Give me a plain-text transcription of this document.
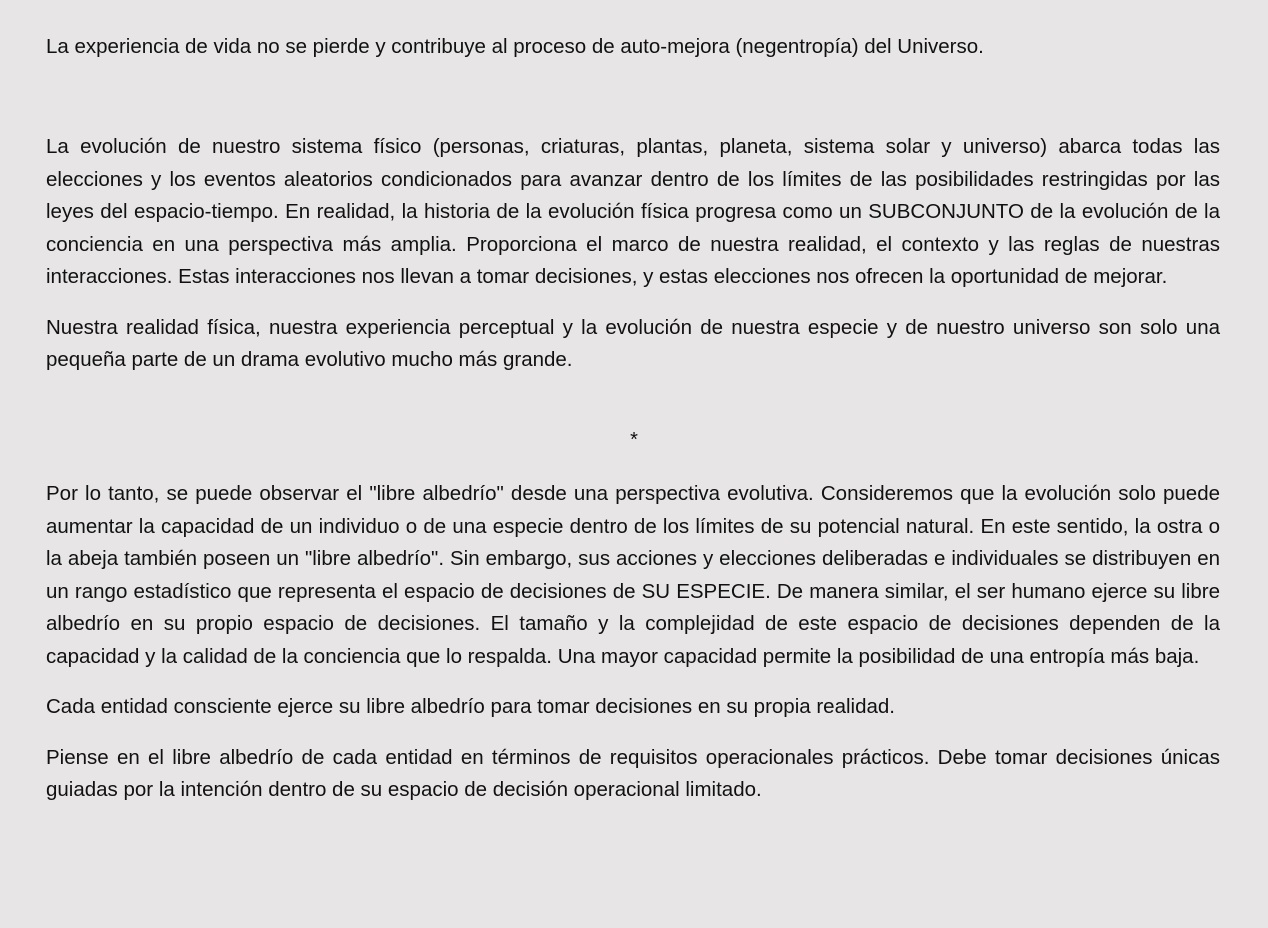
La experiencia de vida no se pierde y contribuye al proceso de auto-mejora (negentropía) del Universo.

La evolución de nuestro sistema físico (personas, criaturas, plantas, planeta, sistema solar y universo) abarca todas las elecciones y los eventos aleatorios condicionados para avanzar dentro de los límites de las posibilidades restringidas por las leyes del espacio-tiempo. En realidad, la historia de la evolución física progresa como un SUBCONJUNTO de la evolución de la conciencia en una perspectiva más amplia. Proporciona el marco de nuestra realidad, el contexto y las reglas de nuestras interacciones. Estas interacciones nos llevan a tomar decisiones, y estas elecciones nos ofrecen la oportunidad de mejorar.

Nuestra realidad física, nuestra experiencia perceptual y la evolución de nuestra especie y de nuestro universo son solo una pequeña parte de un drama evolutivo mucho más grande.

*

Por lo tanto, se puede observar el "libre albedrío" desde una perspectiva evolutiva. Consideremos que la evolución solo puede aumentar la capacidad de un individuo o de una especie dentro de los límites de su potencial natural. En este sentido, la ostra o la abeja también poseen un "libre albedrío". Sin embargo, sus acciones y elecciones deliberadas e individuales se distribuyen en un rango estadístico que representa el espacio de decisiones de SU ESPECIE. De manera similar, el ser humano ejerce su libre albedrío en su propio espacio de decisiones. El tamaño y la complejidad de este espacio de decisiones dependen de la capacidad y la calidad de la conciencia que lo respalda. Una mayor capacidad permite la posibilidad de una entropía más baja.

Cada entidad consciente ejerce su libre albedrío para tomar decisiones en su propia realidad.

Piense en el libre albedrío de cada entidad en términos de requisitos operacionales prácticos. Debe tomar decisiones únicas guiadas por la intención dentro de su espacio de decisión operacional limitado.
